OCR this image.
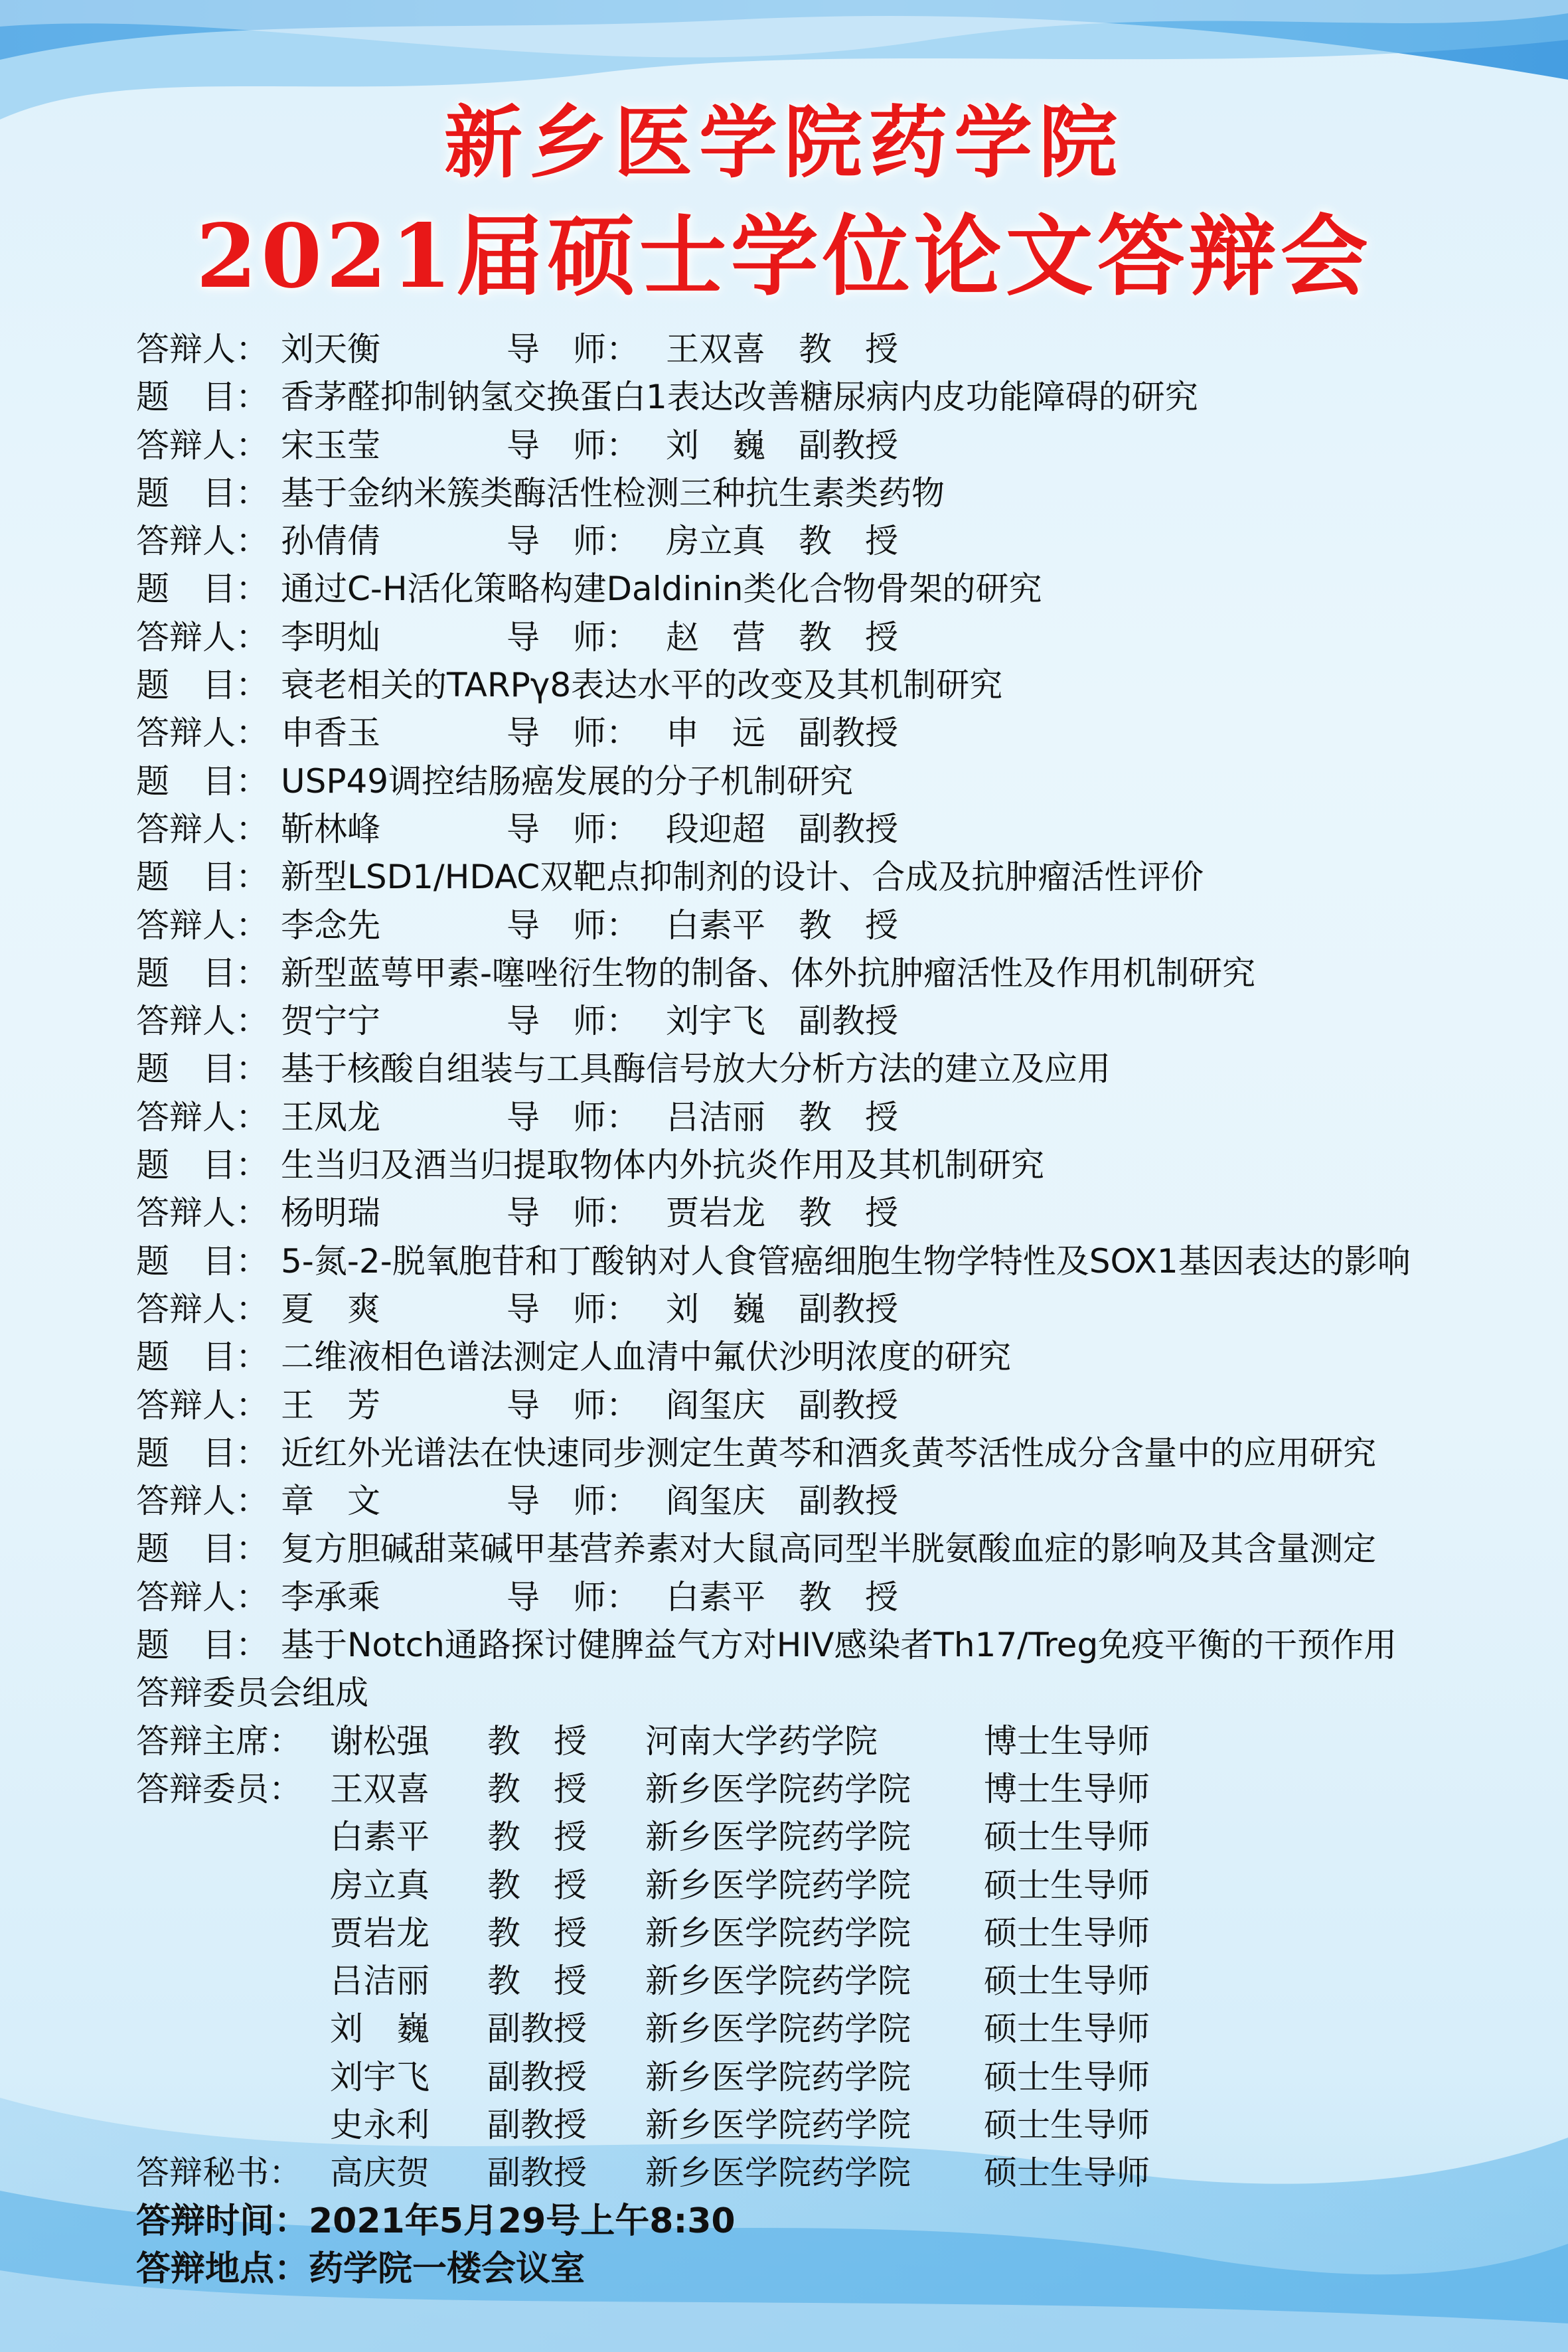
新乡医学院药学院
2021届硕士学位论文答辩会
答辩人： 刘天衡	导　师： 王双喜　教　授
题　目： 香茅醛抑制钠氢交换蛋白1表达改善糖尿病内皮功能障碍的研究
答辩人： 宋玉莹	导　师： 刘　巍　副教授
题　目： 基于金纳米簇类酶活性检测三种抗生素类药物
答辩人： 孙倩倩	导　师： 房立真　教　授
题　目： 通过C-H活化策略构建Daldinin类化合物骨架的研究
答辩人： 李明灿	导　师： 赵　营　教　授
题　目： 衰老相关的TARPγ8表达水平的改变及其机制研究
答辩人： 申香玉	导　师： 申　远　副教授
题　目： USP49调控结肠癌发展的分子机制研究
答辩人： 靳林峰	导　师： 段迎超　副教授
题　目： 新型LSD1/HDAC双靶点抑制剂的设计、合成及抗肿瘤活性评价
答辩人： 李念先	导　师： 白素平　教　授
题　目： 新型蓝萼甲素-噻唑衍生物的制备、体外抗肿瘤活性及作用机制研究
答辩人： 贺宁宁	导　师： 刘宇飞　副教授
题　目： 基于核酸自组装与工具酶信号放大分析方法的建立及应用
答辩人： 王凤龙	导　师： 吕洁丽　教　授
题　目： 生当归及酒当归提取物体内外抗炎作用及其机制研究
答辩人： 杨明瑞	导　师： 贾岩龙　教　授
题　目： 5-氮-2-脱氧胞苷和丁酸钠对人食管癌细胞生物学特性及SOX1基因表达的影响
答辩人： 夏　爽	导　师： 刘　巍　副教授
题　目： 二维液相色谱法测定人血清中氟伏沙明浓度的研究
答辩人： 王　芳	导　师： 阎玺庆　副教授
题　目： 近红外光谱法在快速同步测定生黄芩和酒炙黄芩活性成分含量中的应用研究
答辩人： 章　文	导　师： 阎玺庆　副教授
题　目： 复方胆碱甜菜碱甲基营养素对大鼠高同型半胱氨酸血症的影响及其含量测定
答辩人： 李承乘	导　师： 白素平　教　授
题　目： 基于Notch通路探讨健脾益气方对HIV感染者Th17/Treg免疫平衡的干预作用
答辩委员会组成
答辩主席： 谢松强 教　授 河南大学药学院	博士生导师
答辩委员： 王双喜 教　授 新乡医学院药学院 博士生导师
白素平 教　授 新乡医学院药学院 硕士生导师
房立真 教　授 新乡医学院药学院 硕士生导师
贾岩龙 教　授 新乡医学院药学院 硕士生导师
吕洁丽 教　授 新乡医学院药学院 硕士生导师
刘　巍 副教授 新乡医学院药学院 硕士生导师
刘宇飞 副教授 新乡医学院药学院 硕士生导师
史永利 副教授 新乡医学院药学院 硕士生导师
答辩秘书： 高庆贺 副教授 新乡医学院药学院 硕士生导师
答辩时间：2021年5月29号上午8:30
答辩地点：药学院一楼会议室
